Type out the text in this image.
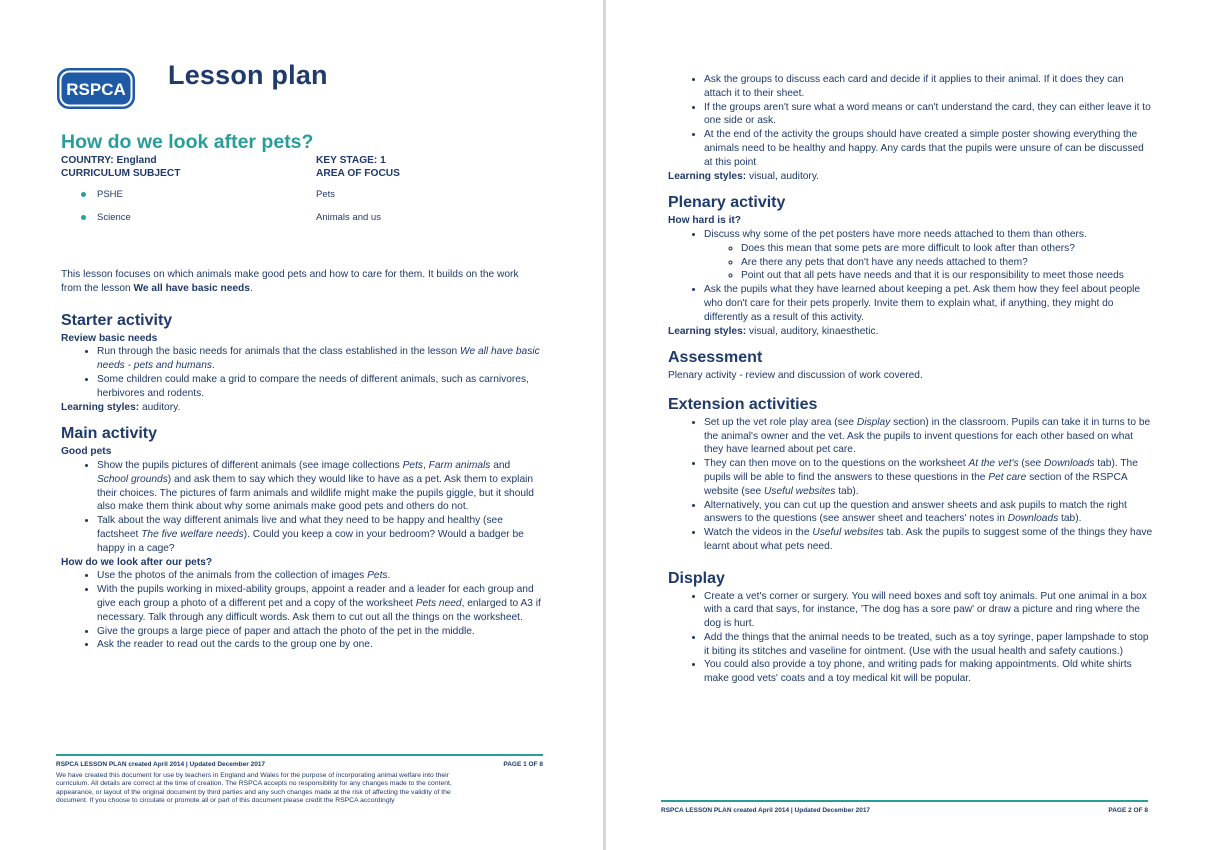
RSPCA Lesson plan
How do we look after pets?
COUNTRY: England	KEY STAGE: 1
CURRICULUM SUBJECT	AREA OF FOCUS
PSHE	Pets
Science	Animals and us

This lesson focuses on which animals make good pets and how to care for them. It builds on the work from the lesson We all have basic needs.

Starter activity
Review basic needs
• Run through the basic needs for animals that the class established in the lesson We all have basic needs - pets and humans.
• Some children could make a grid to compare the needs of different animals, such as carnivores, herbivores and rodents.
Learning styles: auditory.
Main activity
Good pets
• Show the pupils pictures of different animals (see image collections Pets, Farm animals and School grounds) and ask them to say which they would like to have as a pet. Ask them to explain their choices. The pictures of farm animals and wildlife might make the pupils giggle, but it should also make them think about why some animals make good pets and others do not.
• Talk about the way different animals live and what they need to be happy and healthy (see factsheet The five welfare needs). Could you keep a cow in your bedroom? Would a badger be happy in a cage?
How do we look after our pets?
• Use the photos of the animals from the collection of images Pets.
• With the pupils working in mixed-ability groups, appoint a reader and a leader for each group and give each group a photo of a different pet and a copy of the worksheet Pets need, enlarged to A3 if necessary. Talk through any difficult words. Ask them to cut out all the things on the worksheet.
• Give the groups a large piece of paper and attach the photo of the pet in the middle.
• Ask the reader to read out the cards to the group one by one.
RSPCA LESSON PLAN created April 2014 | Updated December 2017	PAGE 1 OF 8
We have created this document for use by teachers in England and Wales for the purpose of incorporating animal welfare into their curriculum. All details are correct at the time of creation. The RSPCA accepts no responsibility for any changes made to the content, appearance, or layout of the original document by third parties and any such changes made at the risk of affecting the validity of the document. If you choose to circulate or promote all or part of this document please credit the RSPCA accordingly
• Ask the groups to discuss each card and decide if it applies to their animal. If it does they can attach it to their sheet.
• If the groups aren't sure what a word means or can't understand the card, they can either leave it to one side or ask.
• At the end of the activity the groups should have created a simple poster showing everything the animals need to be healthy and happy. Any cards that the pupils were unsure of can be discussed at this point
Learning styles: visual, auditory.
Plenary activity
How hard is it?
• Discuss why some of the pet posters have more needs attached to them than others.
◦ Does this mean that some pets are more difficult to look after than others?
◦ Are there any pets that don't have any needs attached to them?
◦ Point out that all pets have needs and that it is our responsibility to meet those needs
• Ask the pupils what they have learned about keeping a pet. Ask them how they feel about people who don't care for their pets properly. Invite them to explain what, if anything, they might do differently as a result of this activity.
Learning styles: visual, auditory, kinaesthetic.
Assessment
Plenary activity - review and discussion of work covered.
Extension activities
• Set up the vet role play area (see Display section) in the classroom. Pupils can take it in turns to be the animal's owner and the vet. Ask the pupils to invent questions for each other based on what they have learned about pet care.
• They can then move on to the questions on the worksheet At the vet's (see Downloads tab). The pupils will be able to find the answers to these questions in the Pet care section of the RSPCA website (see Useful websites tab).
• Alternatively, you can cut up the question and answer sheets and ask pupils to match the right answers to the questions (see answer sheet and teachers' notes in Downloads tab).
• Watch the videos in the Useful websites tab. Ask the pupils to suggest some of the things they have learnt about what pets need.
Display
• Create a vet's corner or surgery. You will need boxes and soft toy animals. Put one animal in a box with a card that says, for instance, 'The dog has a sore paw' or draw a picture and ring where the dog is hurt.
• Add the things that the animal needs to be treated, such as a toy syringe, paper lampshade to stop it biting its stitches and vaseline for ointment. (Use with the usual health and safety cautions.)
• You could also provide a toy phone, and writing pads for making appointments. Old white shirts make good vets' coats and a toy medical kit will be popular.
RSPCA LESSON PLAN created April 2014 | Updated December 2017	PAGE 2 OF 8
